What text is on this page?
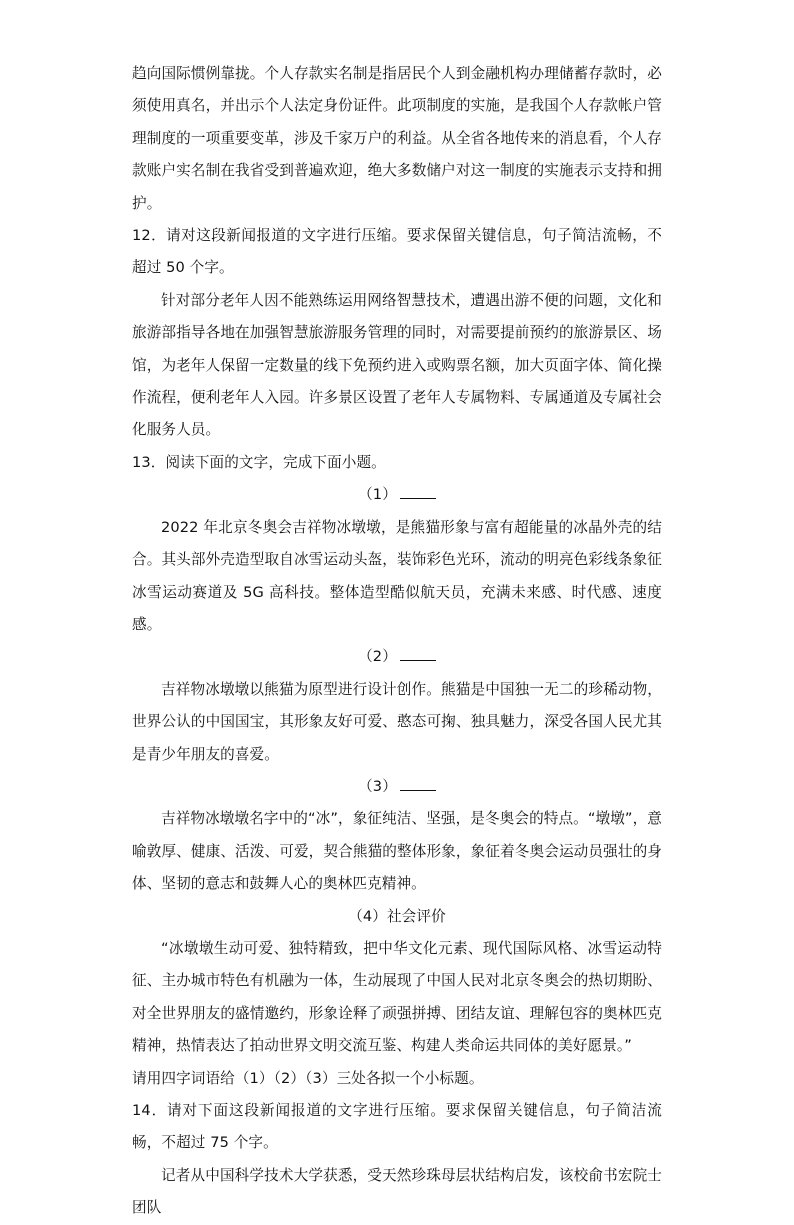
趋向国际惯例靠拢。个人存款实名制是指居民个人到金融机构办理储蓄存款时，必须使用真名，并出示个人法定身份证件。此项制度的实施，是我国个人存款帐户管理制度的一项重要变革，涉及千家万户的利益。从全省各地传来的消息看，个人存款账户实名制在我省受到普遍欢迎，绝大多数储户对这一制度的实施表示支持和拥护。

12．请对这段新闻报道的文字进行压缩。要求保留关键信息，句子简洁流畅，不超过 50 个字。

针对部分老年人因不能熟练运用网络智慧技术，遭遇出游不便的问题，文化和旅游部指导各地在加强智慧旅游服务管理的同时，对需要提前预约的旅游景区、场馆，为老年人保留一定数量的线下免预约进入或购票名额，加大页面字体、简化操作流程，便利老年人入园。许多景区设置了老年人专属物料、专属通道及专属社会化服务人员。

13．阅读下面的文字，完成下面小题。

（1）

2022 年北京冬奥会吉祥物冰墩墩，是熊猫形象与富有超能量的冰晶外壳的结合。其头部外壳造型取自冰雪运动头盔，装饰彩色光环，流动的明亮色彩线条象征冰雪运动赛道及 5G 高科技。整体造型酷似航天员，充满未来感、时代感、速度感。

（2）

吉祥物冰墩墩以熊猫为原型进行设计创作。熊猫是中国独一无二的珍稀动物，世界公认的中国国宝，其形象友好可爱、憨态可掬、独具魅力，深受各国人民尤其是青少年朋友的喜爱。

（3）

吉祥物冰墩墩名字中的“冰”，象征纯洁、坚强，是冬奥会的特点。“墩墩”，意喻敦厚、健康、活泼、可爱，契合熊猫的整体形象，象征着冬奥会运动员强壮的身体、坚韧的意志和鼓舞人心的奥林匹克精神。

（4）社会评价

“冰墩墩生动可爱、独特精致，把中华文化元素、现代国际风格、冰雪运动特征、主办城市特色有机融为一体，生动展现了中国人民对北京冬奥会的热切期盼、对全世界朋友的盛情邀约，形象诠释了顽强拼搏、团结友谊、理解包容的奥林匹克精神，热情表达了拍动世界文明交流互鉴、构建人类命运共同体的美好愿景。”

请用四字词语给（1）（2）（3）三处各拟一个小标题。

14．请对下面这段新闻报道的文字进行压缩。要求保留关键信息，句子简洁流畅，不超过 75 个字。

记者从中国科学技术大学获悉，受天然珍珠母层状结构启发，该校俞书宏院士团队
